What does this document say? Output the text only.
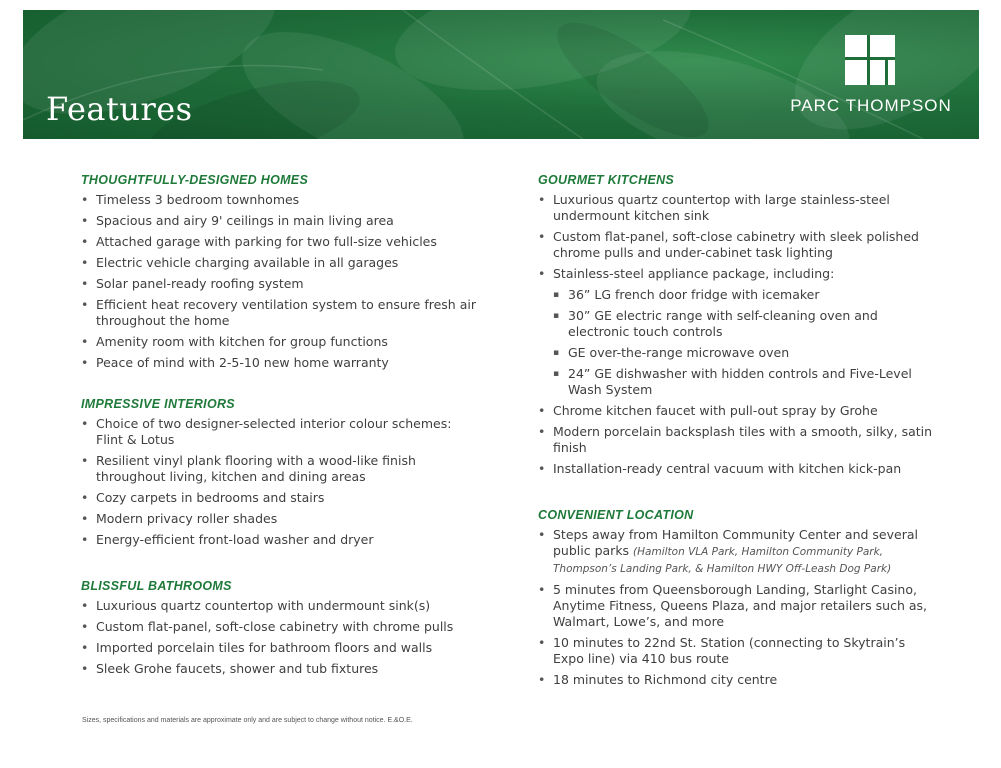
Features	PARC THOMPSON
THOUGHTFULLY-DESIGNED HOMES
• Timeless 3 bedroom townhomes
• Spacious and airy 9' ceilings in main living area
• Attached garage with parking for two full-size vehicles
• Electric vehicle charging available in all garages
• Solar panel-ready roofing system
• Efficient heat recovery ventilation system to ensure fresh air throughout the home
• Amenity room with kitchen for group functions
• Peace of mind with 2-5-10 new home warranty
IMPRESSIVE INTERIORS
• Choice of two designer-selected interior colour schemes: Flint & Lotus
• Resilient vinyl plank flooring with a wood-like finish throughout living, kitchen and dining areas
• Cozy carpets in bedrooms and stairs
• Modern privacy roller shades
• Energy-efficient front-load washer and dryer
BLISSFUL BATHROOMS
• Luxurious quartz countertop with undermount sink(s)
• Custom flat-panel, soft-close cabinetry with chrome pulls
• Imported porcelain tiles for bathroom floors and walls
• Sleek Grohe faucets, shower and tub fixtures
GOURMET KITCHENS
• Luxurious quartz countertop with large stainless-steel undermount kitchen sink
• Custom flat-panel, soft-close cabinetry with sleek polished chrome pulls and under-cabinet task lighting
• Stainless-steel appliance package, including:
▪ 36” LG french door fridge with icemaker
▪ 30” GE electric range with self-cleaning oven and electronic touch controls
▪ GE over-the-range microwave oven
▪ 24” GE dishwasher with hidden controls and Five-Level Wash System
• Chrome kitchen faucet with pull-out spray by Grohe
• Modern porcelain backsplash tiles with a smooth, silky, satin finish
• Installation-ready central vacuum with kitchen kick-pan
CONVENIENT LOCATION
• Steps away from Hamilton Community Center and several public parks (Hamilton VLA Park, Hamilton Community Park, Thompson’s Landing Park, & Hamilton HWY Off-Leash Dog Park)
• 5 minutes from Queensborough Landing, Starlight Casino, Anytime Fitness, Queens Plaza, and major retailers such as, Walmart, Lowe’s, and more
• 10 minutes to 22nd St. Station (connecting to Skytrain’s Expo line) via 410 bus route
• 18 minutes to Richmond city centre
Sizes, specifications and materials are approximate only and are subject to change without notice. E.&O.E.
